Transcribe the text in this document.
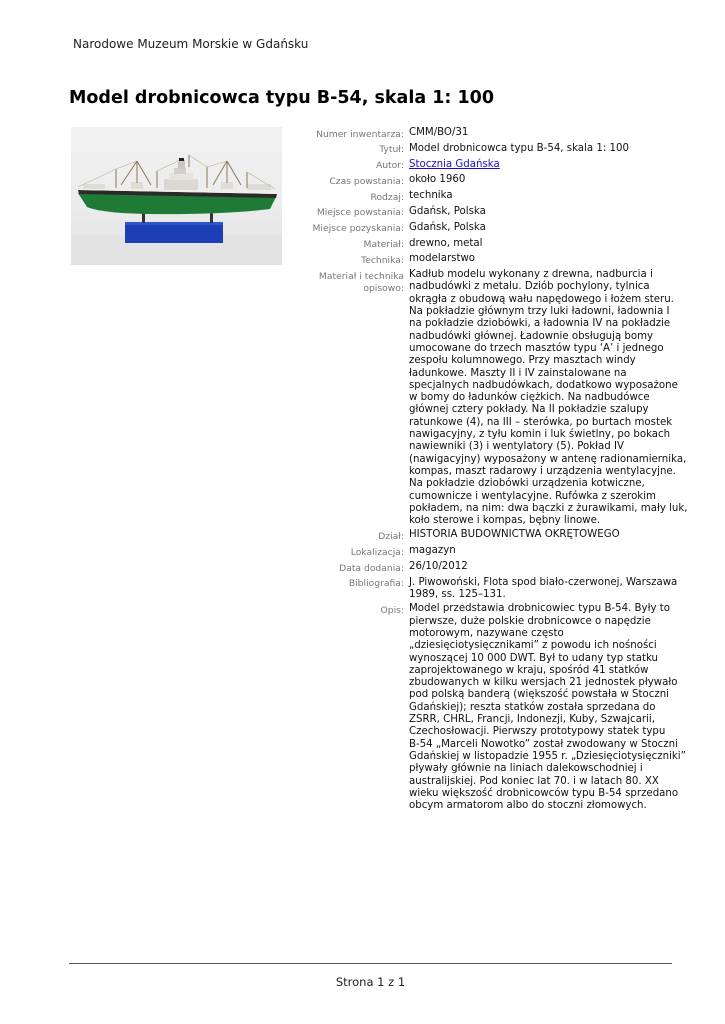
Narodowe Muzeum Morskie w Gdańsku
Model drobnicowca typu B-54, skala 1: 100
Numer inwentarza: CMM/BO/31
Tytuł: Model drobnicowca typu B-54, skala 1: 100
Autor: Stocznia Gdańska
Czas powstania: około 1960
Rodzaj: technika
Miejsce powstania: Gdańsk, Polska
Miejsce pozyskania: Gdańsk, Polska
Materiał: drewno, metal
Technika: modelarstwo
Materiał i technika opisowo:
Kadłub modelu wykonany z drewna, nadburcia i
nadbudówki z metalu. Dziób pochylony, tylnica
okrągła z obudową wału napędowego i łożem steru.
Na pokładzie głównym trzy luki ładowni, ładownia I
na pokładzie dziobówki, a ładownia IV na pokładzie
nadbudówki głównej. Ładownie obsługują bomy
umocowane do trzech masztów typu ‘A’ i jednego
zespołu kolumnowego. Przy masztach windy
ładunkowe. Maszty II i IV zainstalowane na
specjalnych nadbudówkach, dodatkowo wyposażone
w bomy do ładunków ciężkich. Na nadbudówce
głównej cztery pokłady. Na II pokładzie szalupy
ratunkowe (4), na III – sterówka, po burtach mostek
nawigacyjny, z tyłu komin i luk świetlny, po bokach
nawiewniki (3) i wentylatory (5). Pokład IV
(nawigacyjny) wyposażony w antenę radionamiernika,
kompas, maszt radarowy i urządzenia wentylacyjne.
Na pokładzie dziobówki urządzenia kotwiczne,
cumownicze i wentylacyjne. Rufówka z szerokim
pokładem, na nim: dwa bączki z żurawikami, mały luk,
koło sterowe i kompas, bębny linowe.
Dział: HISTORIA BUDOWNICTWA OKRĘTOWEGO
Lokalizacja: magazyn
Data dodania: 26/10/2012
Bibliografia: J. Piwowoński, Flota spod biało-czerwonej, Warszawa
1989, ss. 125–131.
Opis: Model przedstawia drobnicowiec typu B-54. Były to
pierwsze, duże polskie drobnicowce o napędzie
motorowym, nazywane często
„dziesięciotysięcznikami” z powodu ich nośności
wynoszącej 10 000 DWT. Był to udany typ statku
zaprojektowanego w kraju, spośród 41 statków
zbudowanych w kilku wersjach 21 jednostek pływało
pod polską banderą (większość powstała w Stoczni
Gdańskiej); reszta statków została sprzedana do
ZSRR, CHRL, Francji, Indonezji, Kuby, Szwajcarii,
Czechosłowacji. Pierwszy prototypowy statek typu
B-54 „Marceli Nowotko” został zwodowany w Stoczni
Gdańskiej w listopadzie 1955 r. „Dziesięciotysięczniki”
pływały głównie na liniach dalekowschodniej i
australijskiej. Pod koniec lat 70. i w latach 80. XX
wieku większość drobnicowców typu B-54 sprzedano
obcym armatorom albo do stoczni złomowych.
Strona 1 z 1
